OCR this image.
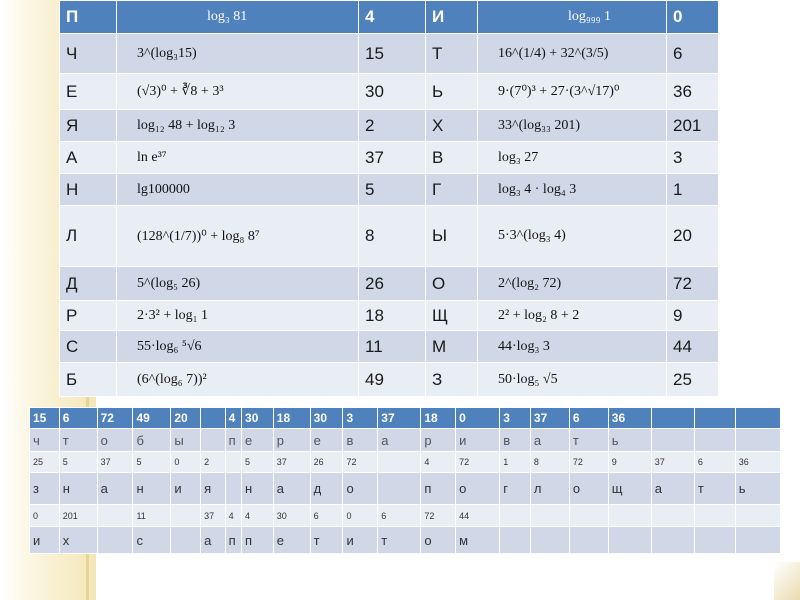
П	log₃ 81	4	И	log₉₉₉ 1	0
Ч	3^(log₃15)	15	Т	16^(1/4) + 32^(3/5)	6
Е	(√3)⁰ + ∛8 + 3³	30	Ь	9·(7⁰)³ + 27·(3^√17)⁰	36
Я	log₁₂ 48 + log₁₂ 3	2	Х	33^(log₃₃ 201)	201
А	ln e³⁷	37	В	log₃ 27	3
Н	lg100000	5	Г	log₃ 4 · log₄ 3	1
Л	(128^(1/7))⁰ + log₈ 8⁷	8	Ы	5·3^(log₃ 4)	20
Д	5^(log₅ 26)	26	О	2^(log₂ 72)	72
Р	2·3² + log₁ 1	18	Щ	2² + log₂ 8 + 2	9
С	55·log₆ ⁵√6	11	М	44·log₃ 3	44
Б	(6^(log₆ 7))²	49	З	50·log₅ √5	25
15	6	72	49	20		4	30	18	30	3	37	18	0	3	37	6	36			
ч	т	о	б	ы		п	е	р	е	в	а	р	и	в	а	т	ь			
25	5	37	5	0	2		5	37	26	72		4	72	1	8	72	9	37	6	36
з	н	а	н	и	я		н	а	д	о		п	о	г	л	о	щ	а	т	ь
0	201		11		37	4	4	30	6	0	6	72	44							
и	х		с		а	п	п	е	т	и	т	о	м							
